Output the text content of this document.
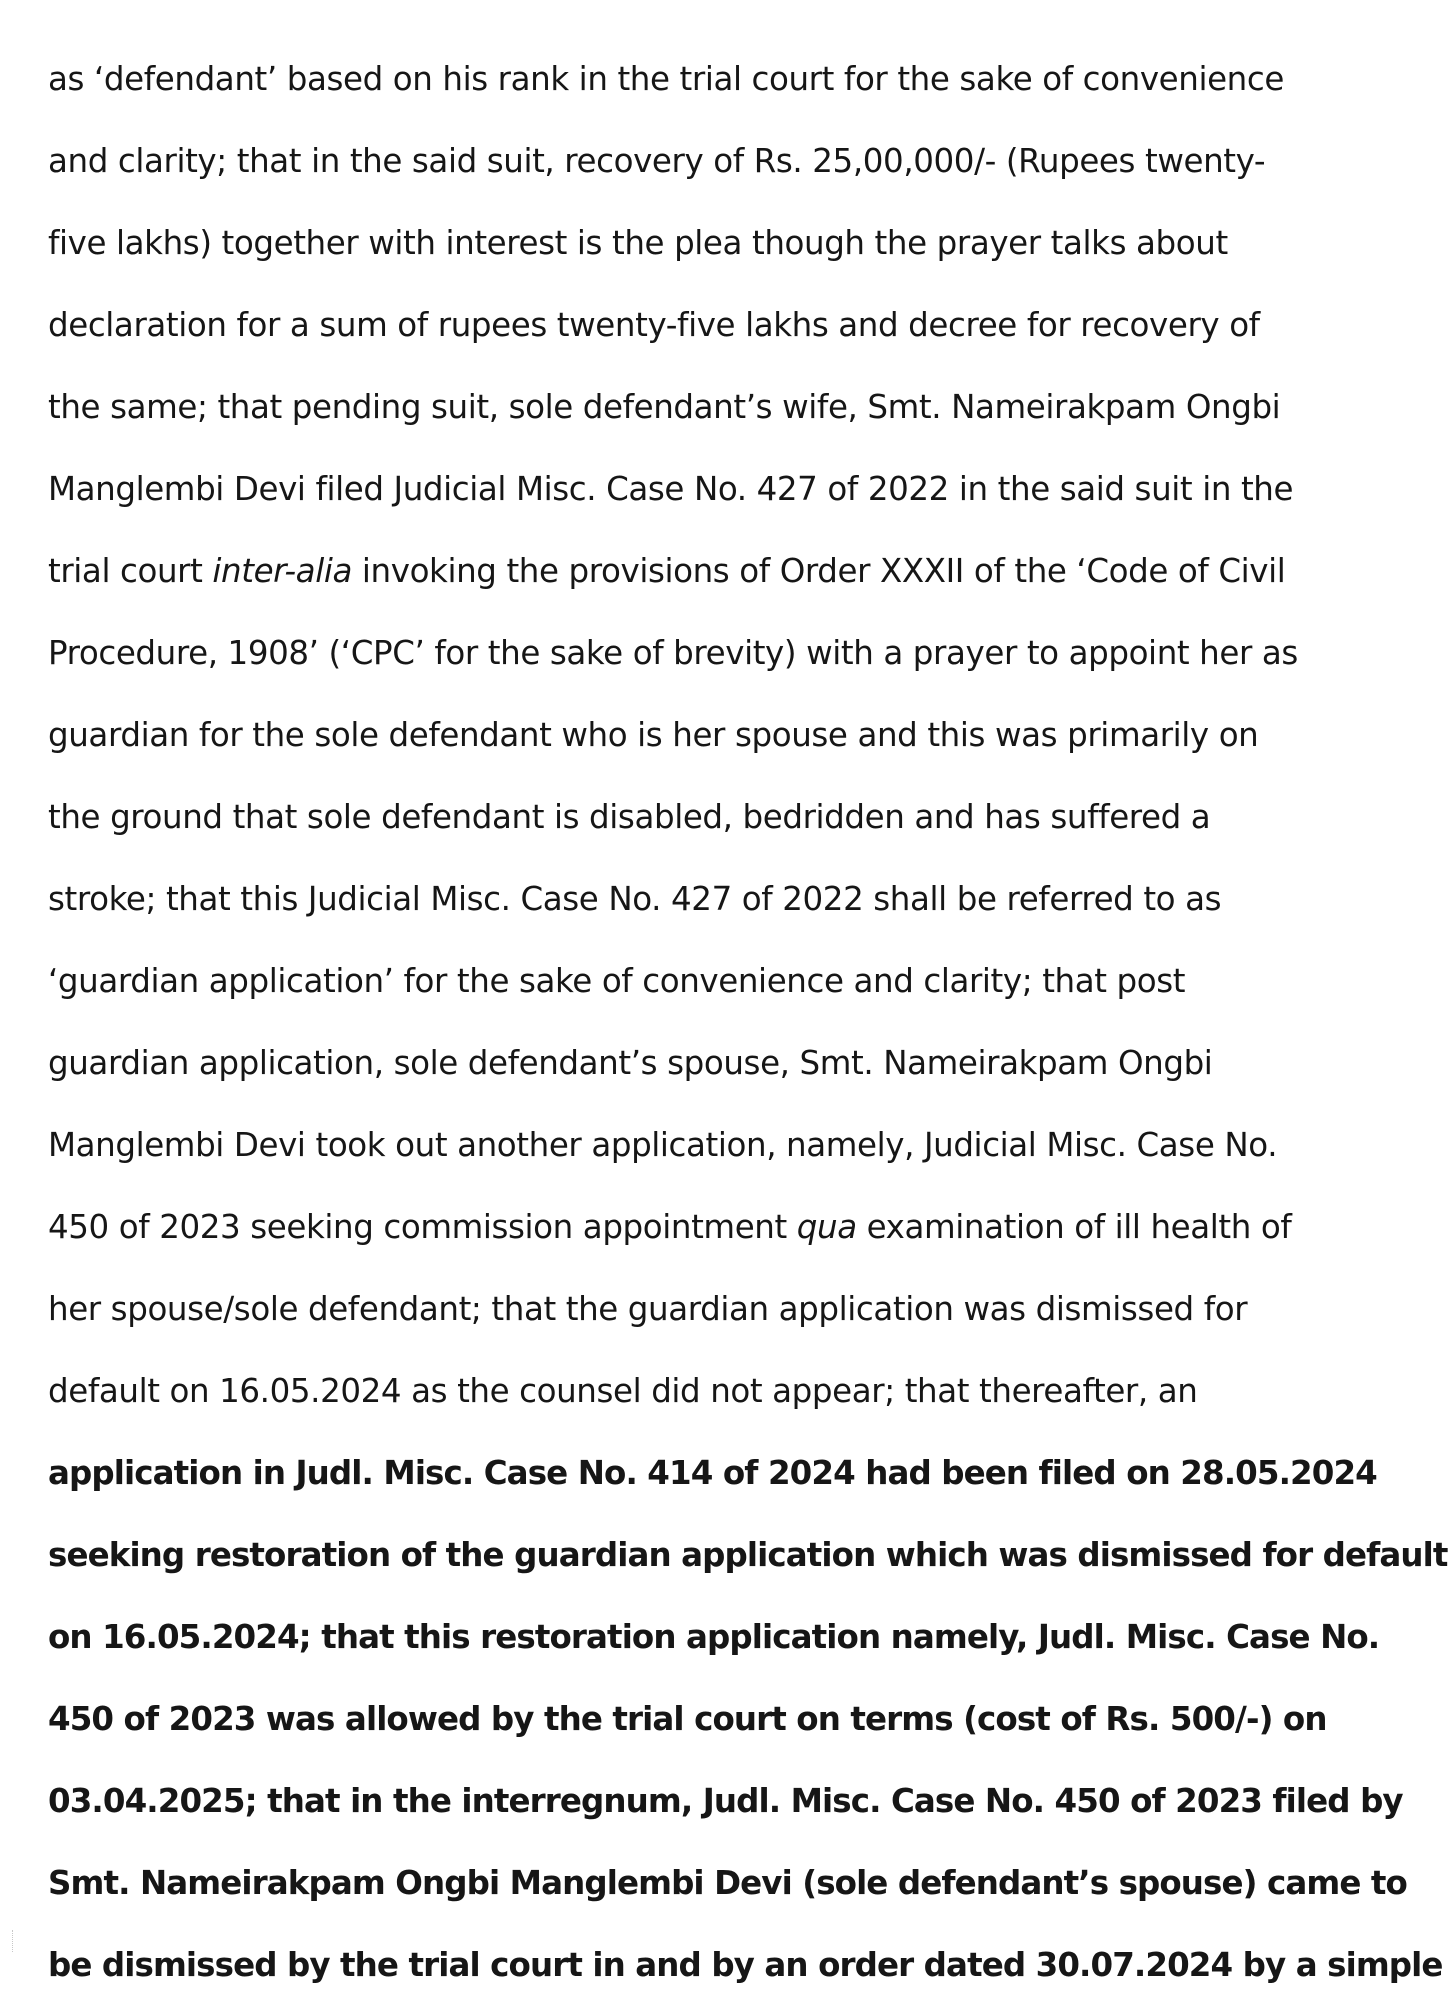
as ‘defendant’ based on his rank in the trial court for the sake of convenience
and clarity; that in the said suit, recovery of Rs. 25,00,000/- (Rupees twenty-
five lakhs) together with interest is the plea though the prayer talks about
declaration for a sum of rupees twenty-five lakhs and decree for recovery of
the same; that pending suit, sole defendant’s wife, Smt. Nameirakpam Ongbi
Manglembi Devi filed Judicial Misc. Case No. 427 of 2022 in the said suit in the
trial court inter-alia invoking the provisions of Order XXXII of the ‘Code of Civil
Procedure, 1908’ (‘CPC’ for the sake of brevity) with a prayer to appoint her as
guardian for the sole defendant who is her spouse and this was primarily on
the ground that sole defendant is disabled, bedridden and has suffered a
stroke; that this Judicial Misc. Case No. 427 of 2022 shall be referred to as
‘guardian application’ for the sake of convenience and clarity; that post
guardian application, sole defendant’s spouse, Smt. Nameirakpam Ongbi
Manglembi Devi took out another application, namely, Judicial Misc. Case No.
450 of 2023 seeking commission appointment qua examination of ill health of
her spouse/sole defendant; that the guardian application was dismissed for
default on 16.05.2024 as the counsel did not appear; that thereafter, an
application in Judl. Misc. Case No. 414 of 2024 had been filed on 28.05.2024
seeking restoration of the guardian application which was dismissed for default
on 16.05.2024; that this restoration application namely, Judl. Misc. Case No.
450 of 2023 was allowed by the trial court on terms (cost of Rs. 500/-) on
03.04.2025; that in the interregnum, Judl. Misc. Case No. 450 of 2023 filed by
Smt. Nameirakpam Ongbi Manglembi Devi (sole defendant’s spouse) came to
be dismissed by the trial court in and by an order dated 30.07.2024 by a simple
